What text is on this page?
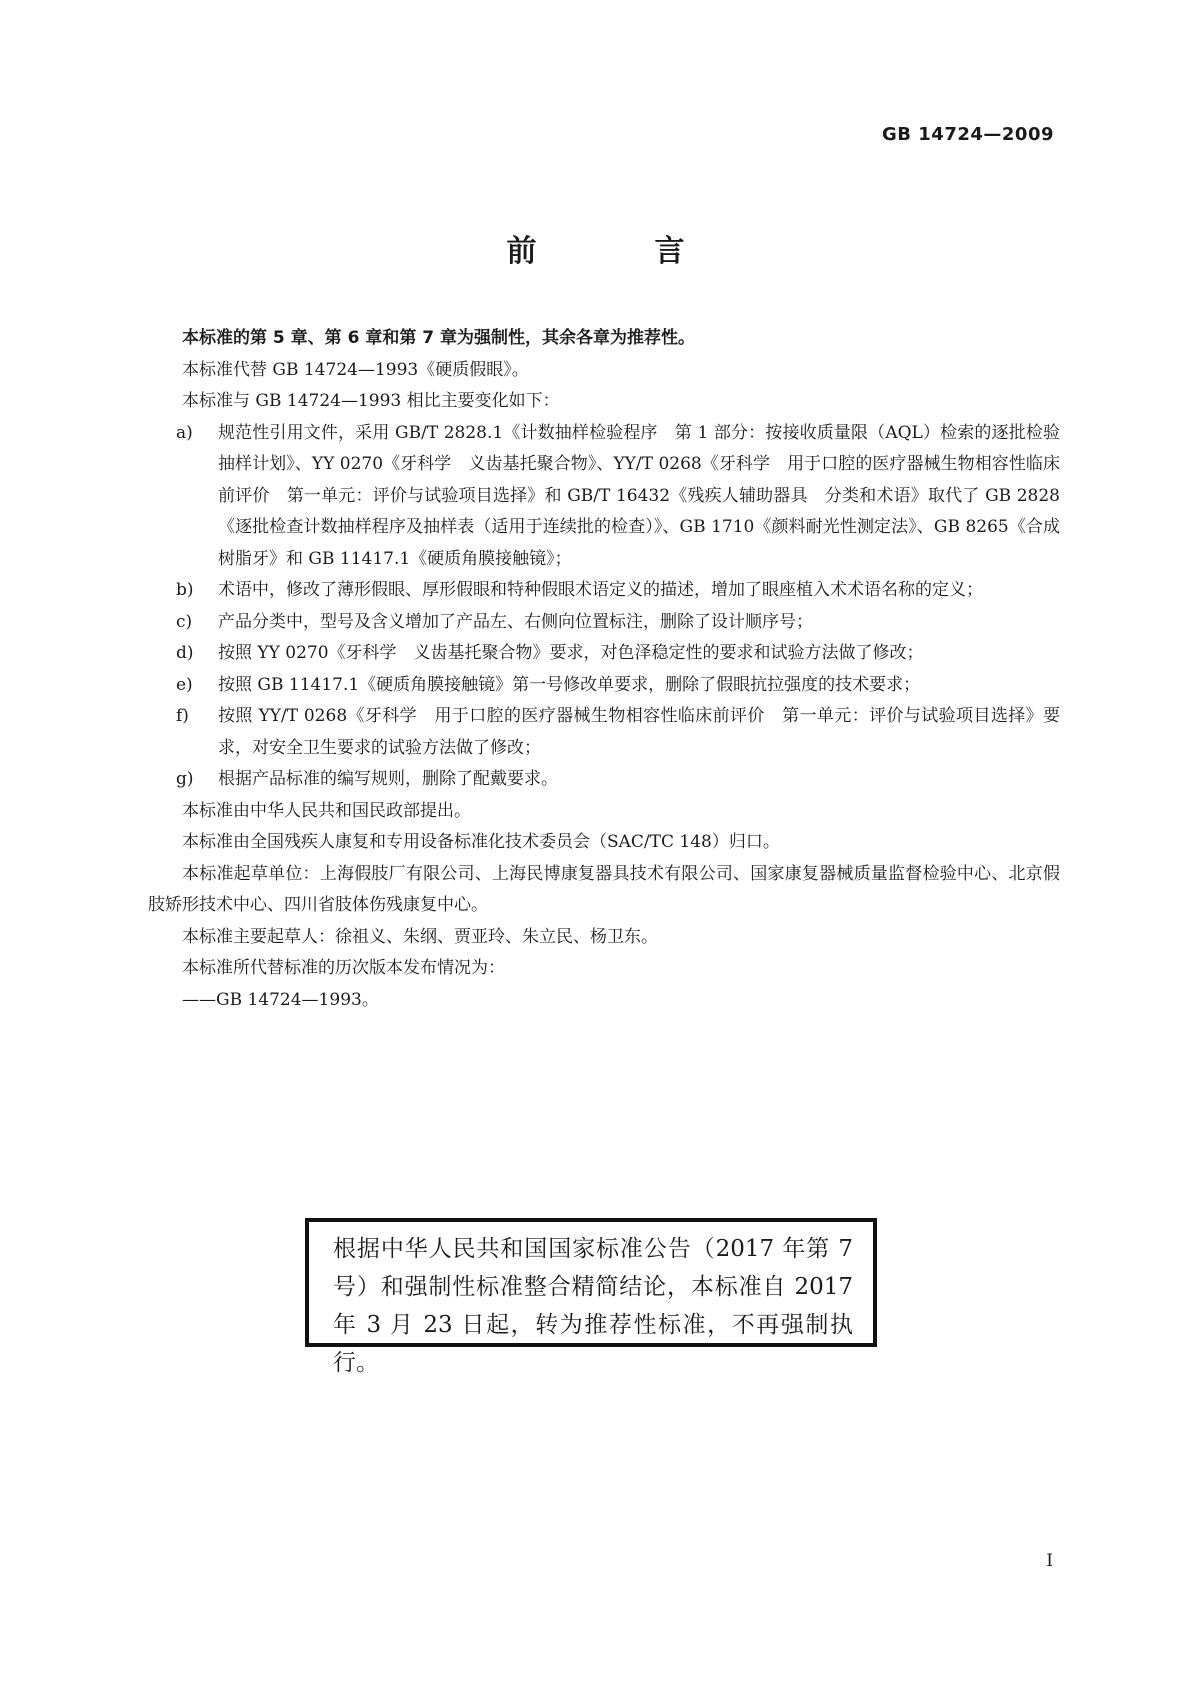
GB 14724—2009
前　言

本标准的第 5 章、第 6 章和第 7 章为强制性，其余各章为推荐性。

本标准代替 GB 14724—1993《硬质假眼》。

本标准与 GB 14724—1993 相比主要变化如下：

a)	规范性引用文件，采用 GB/T 2828.1《计数抽样检验程序　第 1 部分：按接收质量限（AQL）检索的逐批检验抽样计划》、YY 0270《牙科学　义齿基托聚合物》、YY/T 0268《牙科学　用于口腔的医疗器械生物相容性临床前评价　第一单元：评价与试验项目选择》和 GB/T 16432《残疾人辅助器具　分类和术语》取代了 GB 2828《逐批检查计数抽样程序及抽样表（适用于连续批的检查）》、GB 1710《颜料耐光性测定法》、GB 8265《合成树脂牙》和 GB 11417.1《硬质角膜接触镜》；
b)	术语中，修改了薄形假眼、厚形假眼和特种假眼术语定义的描述，增加了眼座植入术术语名称的定义；
c)	产品分类中，型号及含义增加了产品左、右侧向位置标注，删除了设计顺序号；
d)	按照 YY 0270《牙科学　义齿基托聚合物》要求，对色泽稳定性的要求和试验方法做了修改；
e)	按照 GB 11417.1《硬质角膜接触镜》第一号修改单要求，删除了假眼抗拉强度的技术要求；
f)	按照 YY/T 0268《牙科学　用于口腔的医疗器械生物相容性临床前评价　第一单元：评价与试验项目选择》要求，对安全卫生要求的试验方法做了修改；
g)	根据产品标准的编写规则，删除了配戴要求。

本标准由中华人民共和国民政部提出。

本标准由全国残疾人康复和专用设备标准化技术委员会（SAC/TC 148）归口。

本标准起草单位：上海假肢厂有限公司、上海民博康复器具技术有限公司、国家康复器械质量监督检验中心、北京假肢矫形技术中心、四川省肢体伤残康复中心。

本标准主要起草人：徐祖义、朱纲、贾亚玲、朱立民、杨卫东。

本标准所代替标准的历次版本发布情况为：

——GB 14724—1993。

根据中华人民共和国国家标准公告（2017 年第 7 号）和强制性标准整合精简结论，本标准自 2017 年 3 月 23 日起，转为推荐性标准，不再强制执行。
I
